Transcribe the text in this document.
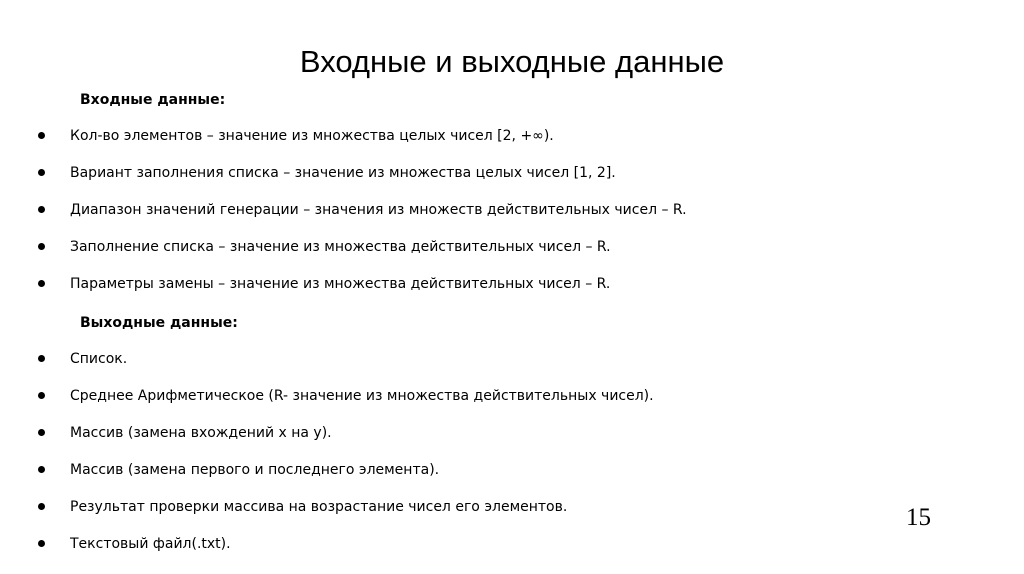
Входные и выходные данные
Входные данные:
Кол-во элементов – значение из множества целых чисел [2, +∞).
Вариант заполнения списка – значение из множества целых чисел [1, 2].
Диапазон значений генерации – значения из множеств действительных чисел – R.
Заполнение списка – значение из множества действительных чисел – R.
Параметры замены – значение из множества действительных чисел – R.
Выходные данные:
Список.
Среднее Арифметическое (R- значение из множества действительных чисел).
Массив (замена вхождений x на y).
Массив (замена первого и последнего элемента).
Результат проверки массива на возрастание чисел его элементов.
Текстовый файл(.txt).
15
